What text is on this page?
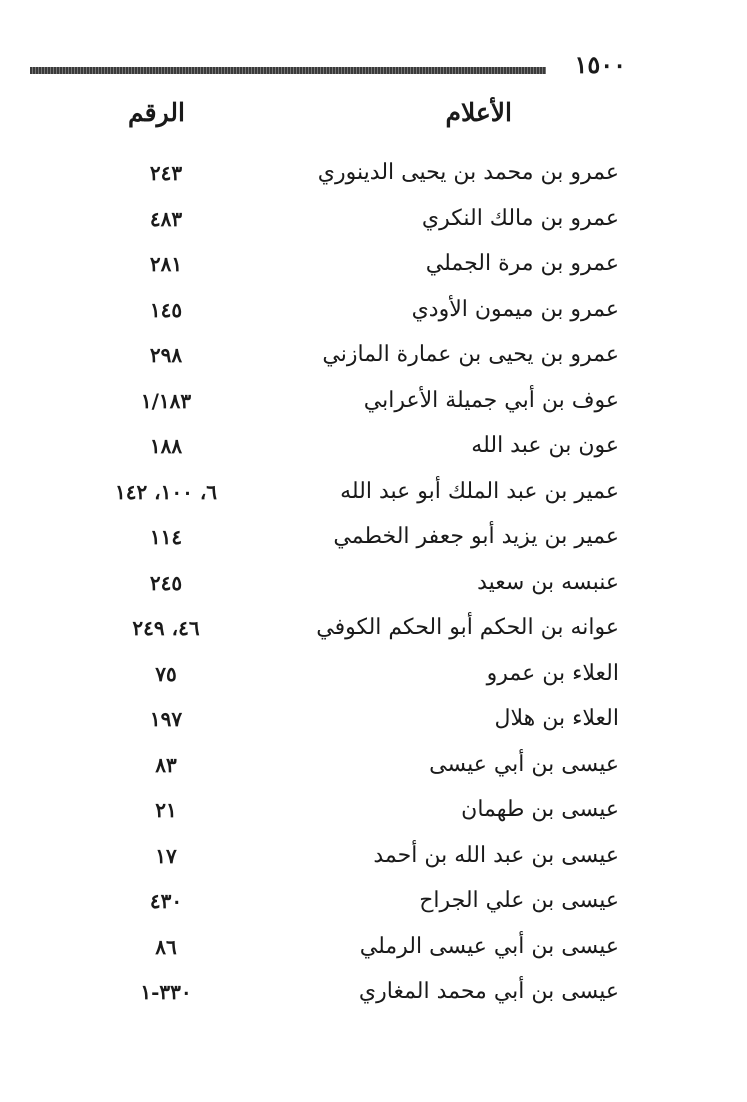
١٥٠٠
الأعلام
الرقم
عمرو بن محمد بن يحيى الدينوري
٢٤٣
عمرو بن مالك النكري
٤٨٣
عمرو بن مرة الجملي
٢٨١
عمرو بن ميمون الأودي
١٤٥
عمرو بن يحيى بن عمارة المازني
٢٩٨
عوف بن أبي جميلة الأعرابي
١/١٨٣
عون بن عبد الله
١٨٨
عمير بن عبد الملك أبو عبد الله
٦، ١٠٠، ١٤٢
عمير بن يزيد أبو جعفر الخطمي
١١٤
عنبسه بن سعيد
٢٤٥
عوانه بن الحكم أبو الحكم الكوفي
٤٦، ٢٤٩
العلاء بن عمرو
٧٥
العلاء بن هلال
١٩٧
عيسى بن أبي عيسى
٨٣
عيسى بن طهمان
٢١
عيسى بن عبد الله بن أحمد
١٧
عيسى بن علي الجراح
٤٣٠
عيسى بن أبي عيسى الرملي
٨٦
عيسى بن أبي محمد المغاري
٣٣٠-١
